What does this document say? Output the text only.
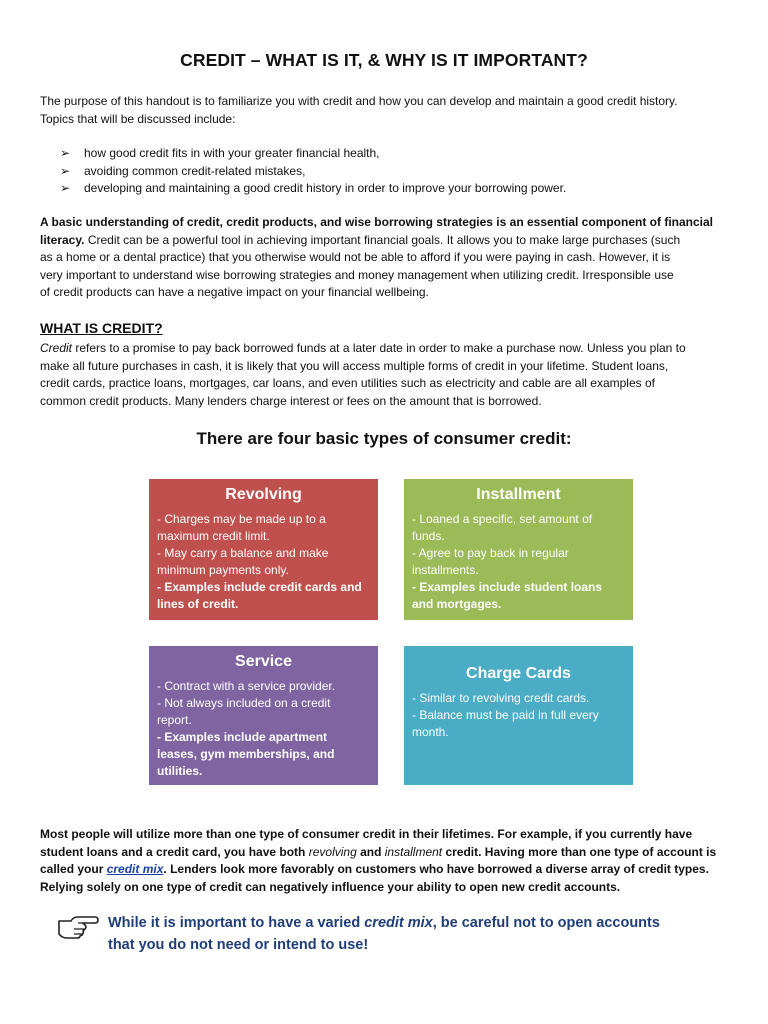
CREDIT – WHAT IS IT, & WHY IS IT IMPORTANT?
The purpose of this handout is to familiarize you with credit and how you can develop and maintain a good credit history.
Topics that will be discussed include:
➢ how good credit fits in with your greater financial health,
➢ avoiding common credit-related mistakes,
➢ developing and maintaining a good credit history in order to improve your borrowing power.
A basic understanding of credit, credit products, and wise borrowing strategies is an essential component of financial
literacy. Credit can be a powerful tool in achieving important financial goals. It allows you to make large purchases (such
as a home or a dental practice) that you otherwise would not be able to afford if you were paying in cash. However, it is
very important to understand wise borrowing strategies and money management when utilizing credit. Irresponsible use
of credit products can have a negative impact on your financial wellbeing.
WHAT IS CREDIT?
Credit refers to a promise to pay back borrowed funds at a later date in order to make a purchase now. Unless you plan to
make all future purchases in cash, it is likely that you will access multiple forms of credit in your lifetime. Student loans,
credit cards, practice loans, mortgages, car loans, and even utilities such as electricity and cable are all examples of
common credit products. Many lenders charge interest or fees on the amount that is borrowed.
There are four basic types of consumer credit:
Revolving
- Charges may be made up to a
maximum credit limit.
- May carry a balance and make
minimum payments only.
- Examples include credit cards and
lines of credit.
Installment
- Loaned a specific, set amount of
funds.
- Agree to pay back in regular
installments.
- Examples include student loans
and mortgages.
Service
- Contract with a service provider.
- Not always included on a credit
report.
- Examples include apartment
leases, gym memberships, and
utilities.
Charge Cards
- Similar to revolving credit cards.
- Balance must be paid in full every
month.
Most people will utilize more than one type of consumer credit in their lifetimes. For example, if you currently have
student loans and a credit card, you have both revolving and installment credit. Having more than one type of account is
called your credit mix. Lenders look more favorably on customers who have borrowed a diverse array of credit types.
Relying solely on one type of credit can negatively influence your ability to open new credit accounts.
While it is important to have a varied credit mix, be careful not to open accounts
that you do not need or intend to use!
